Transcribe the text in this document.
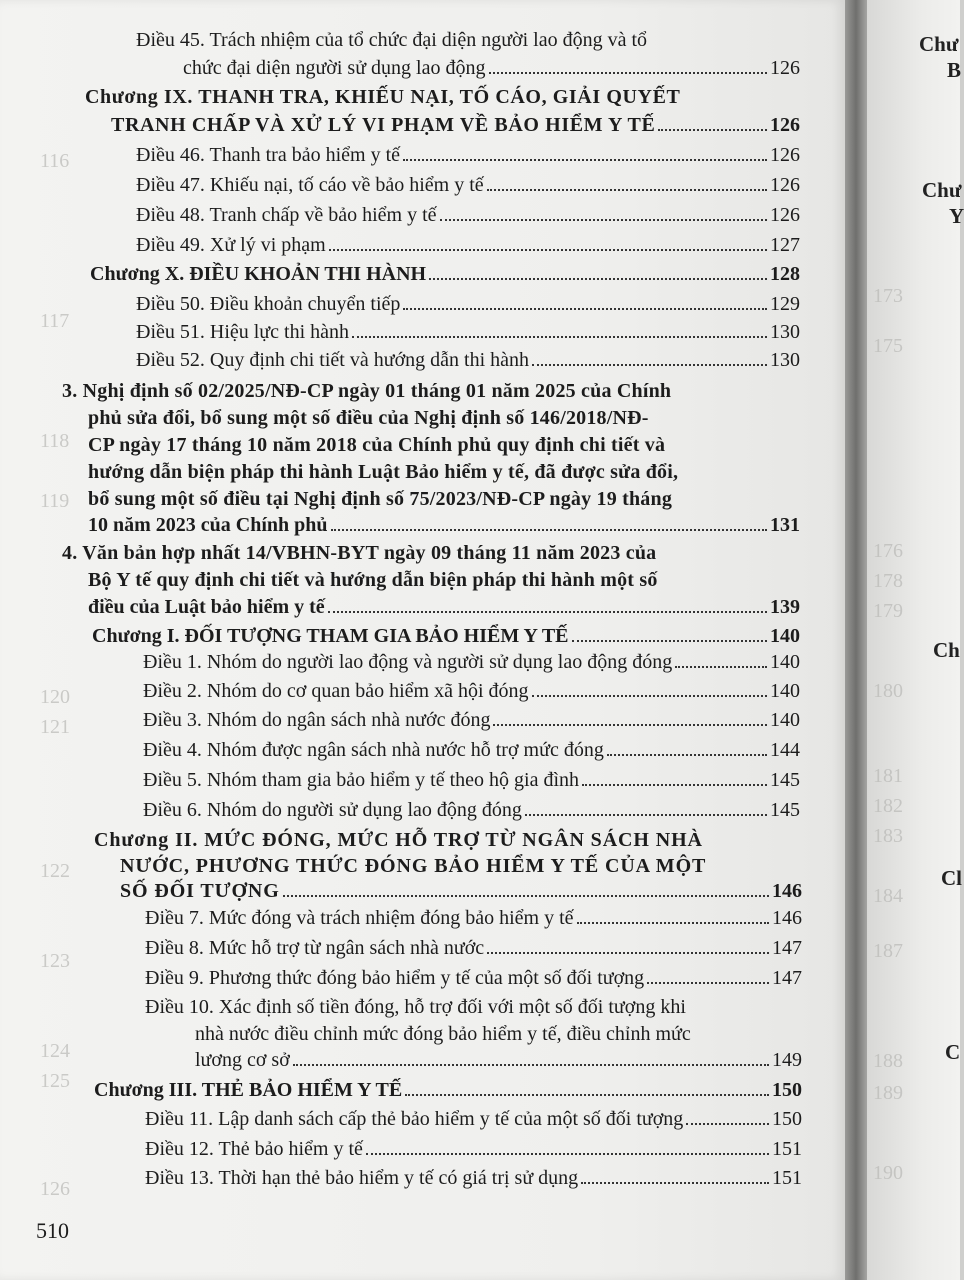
116
117
118
119
120
121
122
123
124
125
126
Điều 45. Trách nhiệm của tổ chức đại diện người lao động và tổ
chức đại diện người sử dụng lao động	126
Chương IX. THANH TRA, KHIẾU NẠI, TỐ CÁO, GIẢI QUYẾT
TRANH CHẤP VÀ XỬ LÝ VI PHẠM VỀ BẢO HIỂM Y TẾ	126
Điều 46. Thanh tra bảo hiểm y tế	126
Điều 47. Khiếu nại, tố cáo về bảo hiểm y tế	126
Điều 48. Tranh chấp về bảo hiểm y tế	126
Điều 49. Xử lý vi phạm	127
Chương X. ĐIỀU KHOẢN THI HÀNH	128
Điều 50. Điều khoản chuyển tiếp	129
Điều 51. Hiệu lực thi hành	130
Điều 52. Quy định chi tiết và hướng dẫn thi hành	130
3. Nghị định số 02/2025/NĐ-CP ngày 01 tháng 01 năm 2025 của Chính
phủ sửa đổi, bổ sung một số điều của Nghị định số 146/2018/NĐ-
CP ngày 17 tháng 10 năm 2018 của Chính phủ quy định chi tiết và
hướng dẫn biện pháp thi hành Luật Bảo hiểm y tế, đã được sửa đổi,
bổ sung một số điều tại Nghị định số 75/2023/NĐ-CP ngày 19 tháng
10 năm 2023 của Chính phủ	131
4. Văn bản hợp nhất 14/VBHN-BYT ngày 09 tháng 11 năm 2023 của
Bộ Y tế quy định chi tiết và hướng dẫn biện pháp thi hành một số
điều của Luật bảo hiểm y tế	139
Chương I. ĐỐI TƯỢNG THAM GIA BẢO HIỂM Y TẾ	140
Điều 1. Nhóm do người lao động và người sử dụng lao động đóng	140
Điều 2. Nhóm do cơ quan bảo hiểm xã hội đóng	140
Điều 3. Nhóm do ngân sách nhà nước đóng	140
Điều 4. Nhóm được ngân sách nhà nước hỗ trợ mức đóng	144
Điều 5. Nhóm tham gia bảo hiểm y tế theo hộ gia đình	145
Điều 6. Nhóm do người sử dụng lao động đóng	145
Chương II. MỨC ĐÓNG, MỨC HỖ TRỢ TỪ NGÂN SÁCH NHÀ
NƯỚC, PHƯƠNG THỨC ĐÓNG BẢO HIỂM Y TẾ CỦA MỘT
SỐ ĐỐI TƯỢNG	146
Điều 7. Mức đóng và trách nhiệm đóng bảo hiểm y tế	146
Điều 8. Mức hỗ trợ từ ngân sách nhà nước	147
Điều 9. Phương thức đóng bảo hiểm y tế của một số đối tượng	147
Điều 10. Xác định số tiền đóng, hỗ trợ đối với một số đối tượng khi
nhà nước điều chỉnh mức đóng bảo hiểm y tế, điều chỉnh mức
lương cơ sở	149
Chương III. THẺ BẢO HIỂM Y TẾ	150
Điều 11. Lập danh sách cấp thẻ bảo hiểm y tế của một số đối tượng	150
Điều 12. Thẻ bảo hiểm y tế	151
Điều 13. Thời hạn thẻ bảo hiểm y tế có giá trị sử dụng	151
510
Chư
B
Chư
Y
Ch
Cl
C
173
175
176
178
179
180
181
182
183
184
187
188
189
190
